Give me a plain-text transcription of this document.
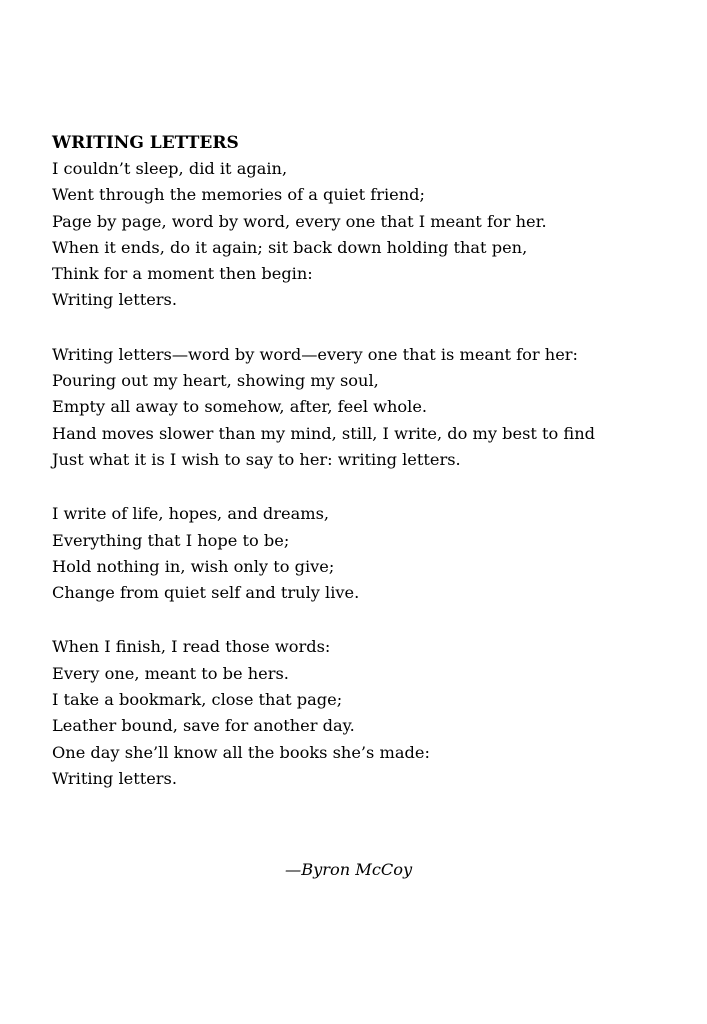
WRITING LETTERS
I couldn’t sleep, did it again,
Went through the memories of a quiet friend;
Page by page, word by word, every one that I meant for her.
When it ends, do it again; sit back down holding that pen,
Think for a moment then begin:
Writing letters.
Writing letters—word by word—every one that is meant for her:
Pouring out my heart, showing my soul,
Empty all away to somehow, after, feel whole.
Hand moves slower than my mind, still, I write, do my best to find
Just what it is I wish to say to her: writing letters.
I write of life, hopes, and dreams,
Everything that I hope to be;
Hold nothing in, wish only to give;
Change from quiet self and truly live.
When I finish, I read those words:
Every one, meant to be hers.
I take a bookmark, close that page;
Leather bound, save for another day.
One day she’ll know all the books she’s made:
Writing letters.
—Byron McCoy
